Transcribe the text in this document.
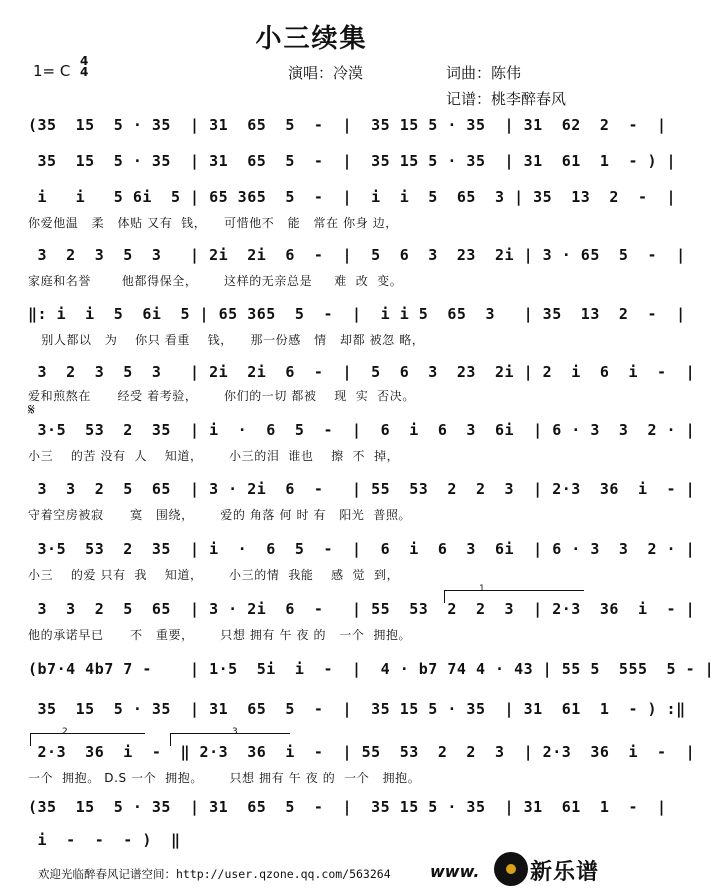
小三续集
1= C
4
4	演唱：冷漠	词曲：陈伟
记谱：桃李醉春风
(35  15  5 · 35  | 31  65  5  -  |  35 15 5 · 35  | 31  62  2  -  |
35  15  5 · 35  | 31  65  5  -  |  35 15 5 · 35  | 31  61  1  - ) |
i   i   5 6i  5 | 65 365  5  -  |  i  i  5  65  3 | 35  13  2  -  |
你爱他温   柔   体贴 又有  钱，    可惜他不   能   常在 你身 边，
3  2  3  5  3   | 2i  2i  6  -  |  5  6  3  23  2i | 3 · 65  5  -  |
家庭和名誉       他都得保全，      这样的无亲总是     难  改  变。
‖: i  i  5  6i  5 | 65 365  5  -  |  i i 5  65  3   | 35  13  2  -  |
别人都以   为    你只 看重    钱，    那一份感   情   却都 被忽 略，
3  2  3  5  3   | 2i  2i  6  -  |  5  6  3  23  2i | 2  i  6  i  -  |
爱和煎熬在      经受 着考验，      你们的一切 都被    现  实  否决。
𝄋
3·5  53  2  35  | i  ·  6  5  -  |  6  i  6  3  6i  | 6 · 3  3  2 · |
小三    的苦 没有  人    知道，      小三的泪  谁也    擦  不  掉，
3  3  2  5  65  | 3 · 2i  6  -   | 55  53  2  2  3  | 2·3  36  i  - |
守着空房被寂      寞   围绕，      爱的 角落 何 时 有   阳光  普照。
3·5  53  2  35  | i  ·  6  5  -  |  6  i  6  3  6i  | 6 · 3  3  2 · |
小三    的爱 只有  我    知道，      小三的情  我能    感  觉  到，
1
3  3  2  5  65  | 3 · 2i  6  -   | 55  53  2  2  3  | 2·3  36  i  - |
他的承诺早已      不   重要，      只想 拥有 午 夜 的   一个  拥抱。
(b7·4 4b7 7 -    | 1·5  5i  i  -  |  4 · b7 74 4 · 43 | 55 5  555  5 - |
35  15  5 · 35  | 31  65  5  -  |  35 15 5 · 35  | 31  61  1  - ) :‖
2	3
2·3  36  i  -  ‖ 2·3  36  i  -  | 55  53  2  2  3  | 2·3  36  i  -  |
一个  拥抱。 D.S 一个  拥抱。      只想 拥有 午 夜 的  一个   拥抱。
(35  15  5 · 35  | 31  65  5  -  |  35 15 5 · 35  | 31  61  1  -  |
i  -  -  - )  ‖
欢迎光临醉春风记谱空间：http://user.qzone.qq.com/563264 www. 新乐谱
